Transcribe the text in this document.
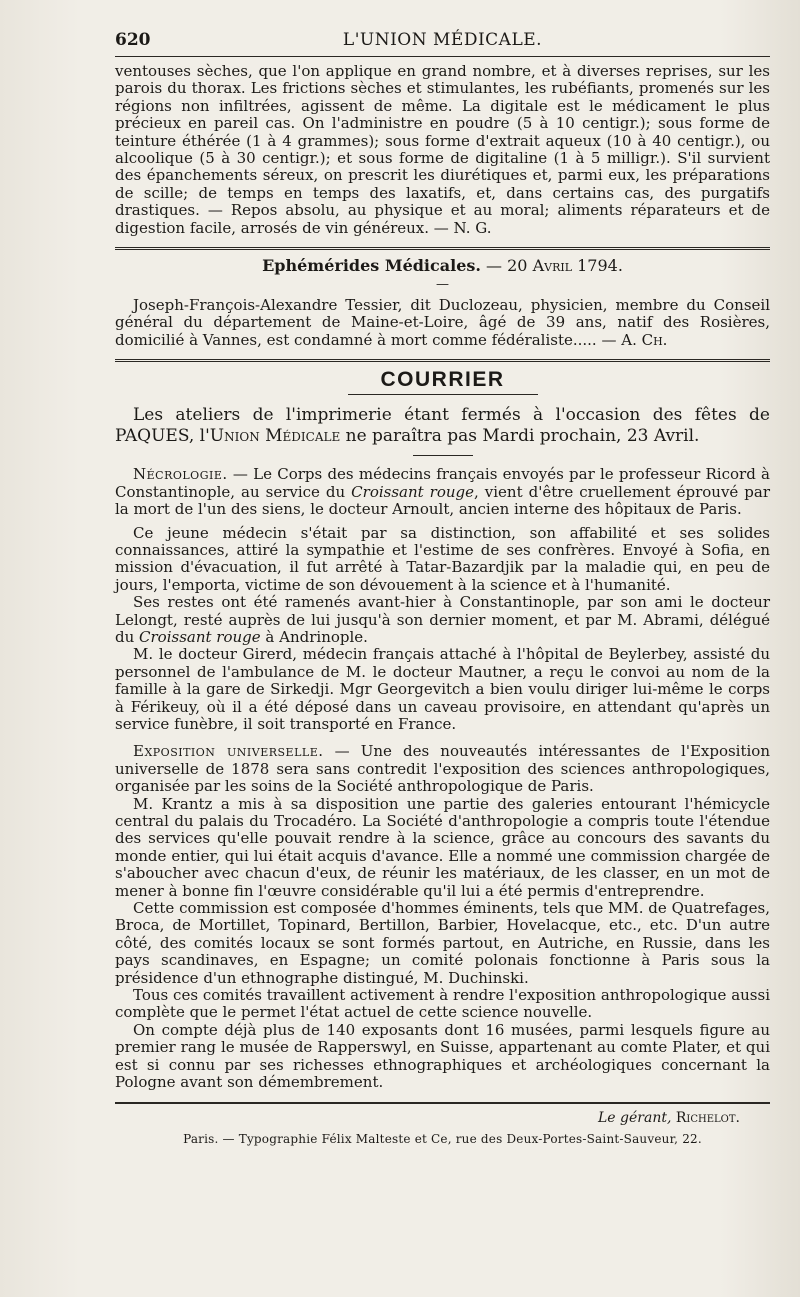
620	L'UNION MÉDICALE.

ventouses sèches, que l'on applique en grand nombre, et à diverses reprises, sur les parois du thorax. Les frictions sèches et stimulantes, les rubéfiants, promenés sur les régions non infiltrées, agissent de même. La digitale est le médicament le plus précieux en pareil cas. On l'administre en poudre (5 à 10 centigr.); sous forme de teinture éthérée (1 à 4 grammes); sous forme d'extrait aqueux (10 à 40 centigr.), ou alcoolique (5 à 30 centigr.); et sous forme de digitaline (1 à 5 milligr.). S'il survient des épanchements séreux, on prescrit les diurétiques et, parmi eux, les préparations de scille; de temps en temps des laxatifs, et, dans certains cas, des purgatifs drastiques. — Repos absolu, au physique et au moral; aliments réparateurs et de digestion facile, arrosés de vin généreux. — N. G.

Ephémérides Médicales. — 20 Avril 1794.
—

Joseph-François-Alexandre Tessier, dit Duclozeau, physicien, membre du Conseil général du département de Maine-et-Loire, âgé de 39 ans, natif des Rosières, domicilié à Vannes, est condamné à mort comme fédéraliste..... — A. Ch.

COURRIER

Les ateliers de l'imprimerie étant fermés à l'occasion des fêtes de PAQUES, l'Union Médicale ne paraîtra pas Mardi prochain, 23 Avril.

Nécrologie. — Le Corps des médecins français envoyés par le professeur Ricord à Constantinople, au service du Croissant rouge, vient d'être cruellement éprouvé par la mort de l'un des siens, le docteur Arnoult, ancien interne des hôpitaux de Paris.

Ce jeune médecin s'était par sa distinction, son affabilité et ses solides connaissances, attiré la sympathie et l'estime de ses confrères. Envoyé à Sofia, en mission d'évacuation, il fut arrêté à Tatar-Bazardjik par la maladie qui, en peu de jours, l'emporta, victime de son dévouement à la science et à l'humanité.

Ses restes ont été ramenés avant-hier à Constantinople, par son ami le docteur Lelongt, resté auprès de lui jusqu'à son dernier moment, et par M. Abrami, délégué du Croissant rouge à Andrinople.

M. le docteur Girerd, médecin français attaché à l'hôpital de Beylerbey, assisté du personnel de l'ambulance de M. le docteur Mautner, a reçu le convoi au nom de la famille à la gare de Sirkedji. Mgr Georgevitch a bien voulu diriger lui-même le corps à Férikeuy, où il a été déposé dans un caveau provisoire, en attendant qu'après un service funèbre, il soit transporté en France.

Exposition universelle. — Une des nouveautés intéressantes de l'Exposition universelle de 1878 sera sans contredit l'exposition des sciences anthropologiques, organisée par les soins de la Société anthropologique de Paris.

M. Krantz a mis à sa disposition une partie des galeries entourant l'hémicycle central du palais du Trocadéro. La Société d'anthropologie a compris toute l'étendue des services qu'elle pouvait rendre à la science, grâce au concours des savants du monde entier, qui lui était acquis d'avance. Elle a nommé une commission chargée de s'aboucher avec chacun d'eux, de réunir les matériaux, de les classer, en un mot de mener à bonne fin l'œuvre considérable qu'il lui a été permis d'entreprendre.

Cette commission est composée d'hommes éminents, tels que MM. de Quatrefages, Broca, de Mortillet, Topinard, Bertillon, Barbier, Hovelacque, etc., etc. D'un autre côté, des comités locaux se sont formés partout, en Autriche, en Russie, dans les pays scandinaves, en Espagne; un comité polonais fonctionne à Paris sous la présidence d'un ethnographe distingué, M. Duchinski.

Tous ces comités travaillent activement à rendre l'exposition anthropologique aussi complète que le permet l'état actuel de cette science nouvelle.

On compte déjà plus de 140 exposants dont 16 musées, parmi lesquels figure au premier rang le musée de Rapperswyl, en Suisse, appartenant au comte Plater, et qui est si connu par ses richesses ethnographiques et archéologiques concernant la Pologne avant son démembrement.

Le gérant, Richelot.
Paris. — Typographie Félix Malteste et Ce, rue des Deux-Portes-Saint-Sauveur, 22.
